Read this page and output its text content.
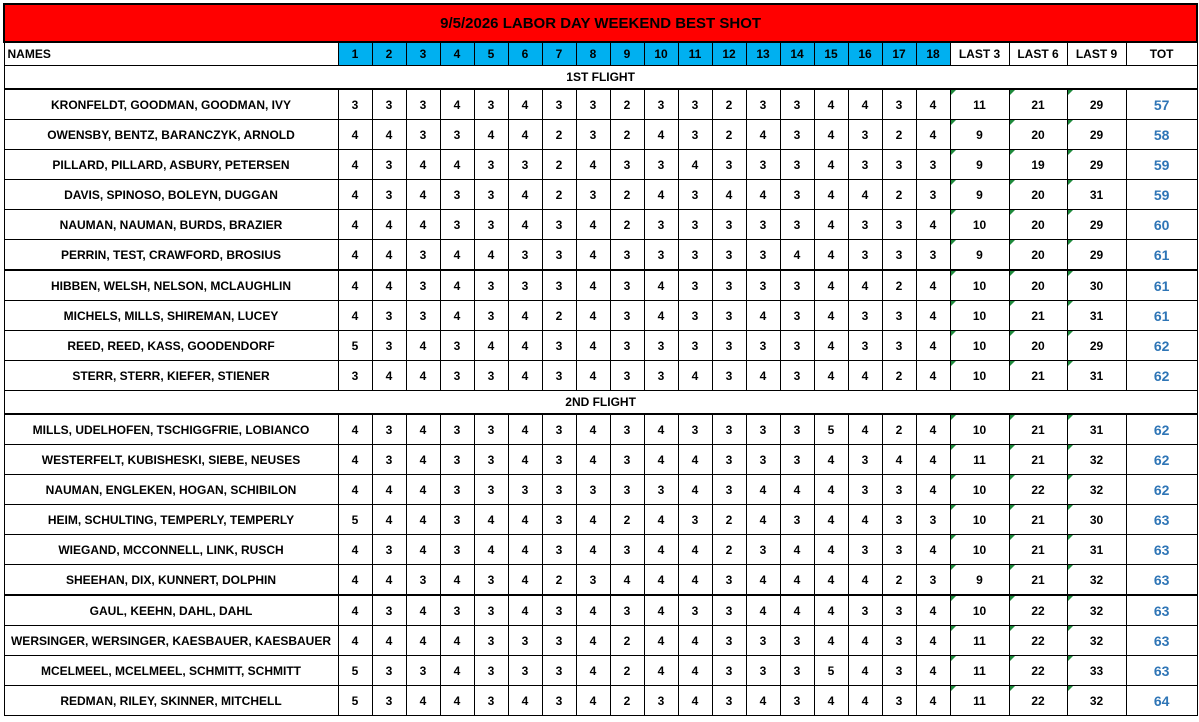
9/5/2026 LABOR DAY WEEKEND BEST SHOT																						
NAMES	1	2	3	4	5	6	7	8	9	10	11	12	13	14	15	16	17	18	LAST 3	LAST 6	LAST 9	TOT
1ST FLIGHT																						
KRONFELDT, GOODMAN, GOODMAN, IVY	3	3	3	4	3	4	3	3	2	3	3	2	3	3	4	4	3	4	11	21	29	57
OWENSBY, BENTZ, BARANCZYK, ARNOLD	4	4	3	3	4	4	2	3	2	4	3	2	4	3	4	3	2	4	9	20	29	58
PILLARD, PILLARD, ASBURY, PETERSEN	4	3	4	4	3	3	2	4	3	3	4	3	3	3	4	3	3	3	9	19	29	59
DAVIS, SPINOSO, BOLEYN, DUGGAN	4	3	4	3	3	4	2	3	2	4	3	4	4	3	4	4	2	3	9	20	31	59
NAUMAN, NAUMAN, BURDS, BRAZIER	4	4	4	3	3	4	3	4	2	3	3	3	3	3	4	3	3	4	10	20	29	60
PERRIN, TEST, CRAWFORD, BROSIUS	4	4	3	4	4	3	3	4	3	3	3	3	3	4	4	3	3	3	9	20	29	61
HIBBEN, WELSH, NELSON, MCLAUGHLIN	4	4	3	4	3	3	3	4	3	4	3	3	3	3	4	4	2	4	10	20	30	61
MICHELS, MILLS, SHIREMAN, LUCEY	4	3	3	4	3	4	2	4	3	4	3	3	4	3	4	3	3	4	10	21	31	61
REED, REED, KASS, GOODENDORF	5	3	4	3	4	4	3	4	3	3	3	3	3	3	4	3	3	4	10	20	29	62
STERR, STERR, KIEFER, STIENER	3	4	4	3	3	4	3	4	3	3	4	3	4	3	4	4	2	4	10	21	31	62
2ND FLIGHT																						
MILLS, UDELHOFEN, TSCHIGGFRIE, LOBIANCO	4	3	4	3	3	4	3	4	3	4	3	3	3	3	5	4	2	4	10	21	31	62
WESTERFELT, KUBISHESKI, SIEBE, NEUSES	4	3	4	3	3	4	3	4	3	4	4	3	3	3	4	3	4	4	11	21	32	62
NAUMAN, ENGLEKEN, HOGAN, SCHIBILON	4	4	4	3	3	3	3	3	3	3	4	3	4	4	4	3	3	4	10	22	32	62
HEIM, SCHULTING, TEMPERLY, TEMPERLY	5	4	4	3	4	4	3	4	2	4	3	2	4	3	4	4	3	3	10	21	30	63
WIEGAND, MCCONNELL, LINK, RUSCH	4	3	4	3	4	4	3	4	3	4	4	2	3	4	4	3	3	4	10	21	31	63
SHEEHAN, DIX, KUNNERT, DOLPHIN	4	4	3	4	3	4	2	3	4	4	4	3	4	4	4	4	2	3	9	21	32	63
GAUL, KEEHN, DAHL, DAHL	4	3	4	3	3	4	3	4	3	4	3	3	4	4	4	3	3	4	10	22	32	63
WERSINGER, WERSINGER, KAESBAUER, KAESBAUER	4	4	4	4	3	3	3	4	2	4	4	3	3	3	4	4	3	4	11	22	32	63
MCELMEEL, MCELMEEL, SCHMITT, SCHMITT	5	3	3	4	3	3	3	4	2	4	4	3	3	3	5	4	3	4	11	22	33	63
REDMAN, RILEY, SKINNER, MITCHELL	5	3	4	4	3	4	3	4	2	3	4	3	4	3	4	4	3	4	11	22	32	64
